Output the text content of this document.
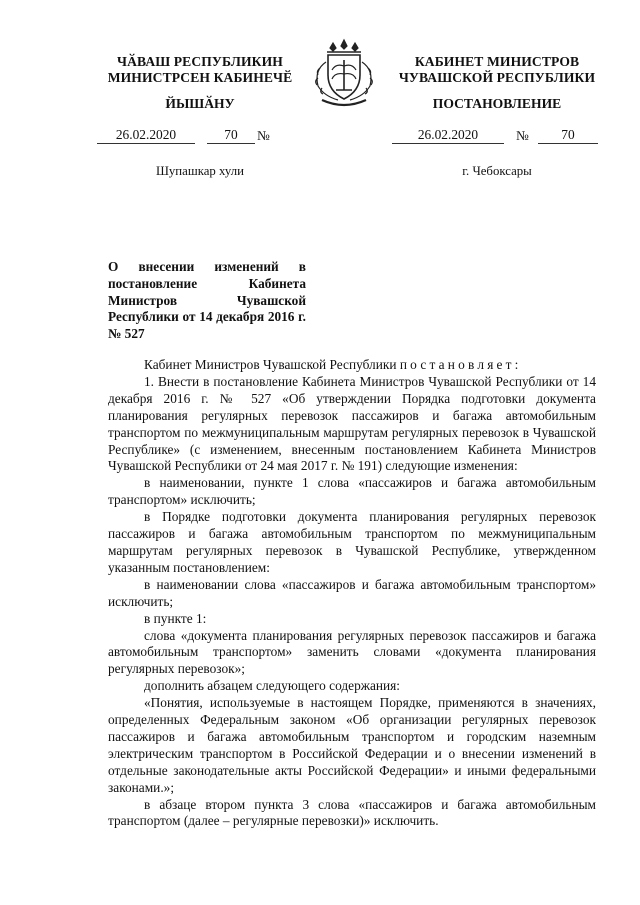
ЧӐВАШ РЕСПУБЛИКИН
МИНИСТРСЕН КАБИНЕЧӖ
ЙЫШӐНУ
КАБИНЕТ МИНИСТРОВ
ЧУВАШСКОЙ РЕСПУБЛИКИ
ПОСТАНОВЛЕНИЕ
26.02.2020	70	№	26.02.2020	№	70
Шупашкар хули	г. Чебоксары
О внесении изменений в постановление Кабинета Министров Чувашской Республики от 14 декабря 2016 г. № 527

Кабинет Министров Чувашской Республики постановляет:

1. Внести в постановление Кабинета Министров Чувашской Республики от 14 декабря 2016 г. № 527 «Об утверждении Порядка подготовки документа планирования регулярных перевозок пассажиров и багажа автомобильным транспортом по межмуниципальным маршрутам регулярных перевозок в Чувашской Республике» (с изменением, внесенным постановлением Кабинета Министров Чувашской Республики от 24 мая 2017 г. № 191) следующие изменения:

в наименовании, пункте 1 слова «пассажиров и багажа автомобильным транспортом» исключить;

в Порядке подготовки документа планирования регулярных перевозок пассажиров и багажа автомобильным транспортом по межмуниципальным маршрутам регулярных перевозок в Чувашской Республике, утвержденном указанным постановлением:

в наименовании слова «пассажиров и багажа автомобильным транспортом» исключить;

в пункте 1:

слова «документа планирования регулярных перевозок пассажиров и багажа автомобильным транспортом» заменить словами «документа планирования регулярных перевозок»;

дополнить абзацем следующего содержания:

«Понятия, используемые в настоящем Порядке, применяются в значениях, определенных Федеральным законом «Об организации регулярных перевозок пассажиров и багажа автомобильным транспортом и городским наземным электрическим транспортом в Российской Федерации и о внесении изменений в отдельные законодательные акты Российской Федерации» и иными федеральными законами.»;

в абзаце втором пункта 3 слова «пассажиров и багажа автомобильным транспортом (далее – регулярные перевозки)» исключить.
